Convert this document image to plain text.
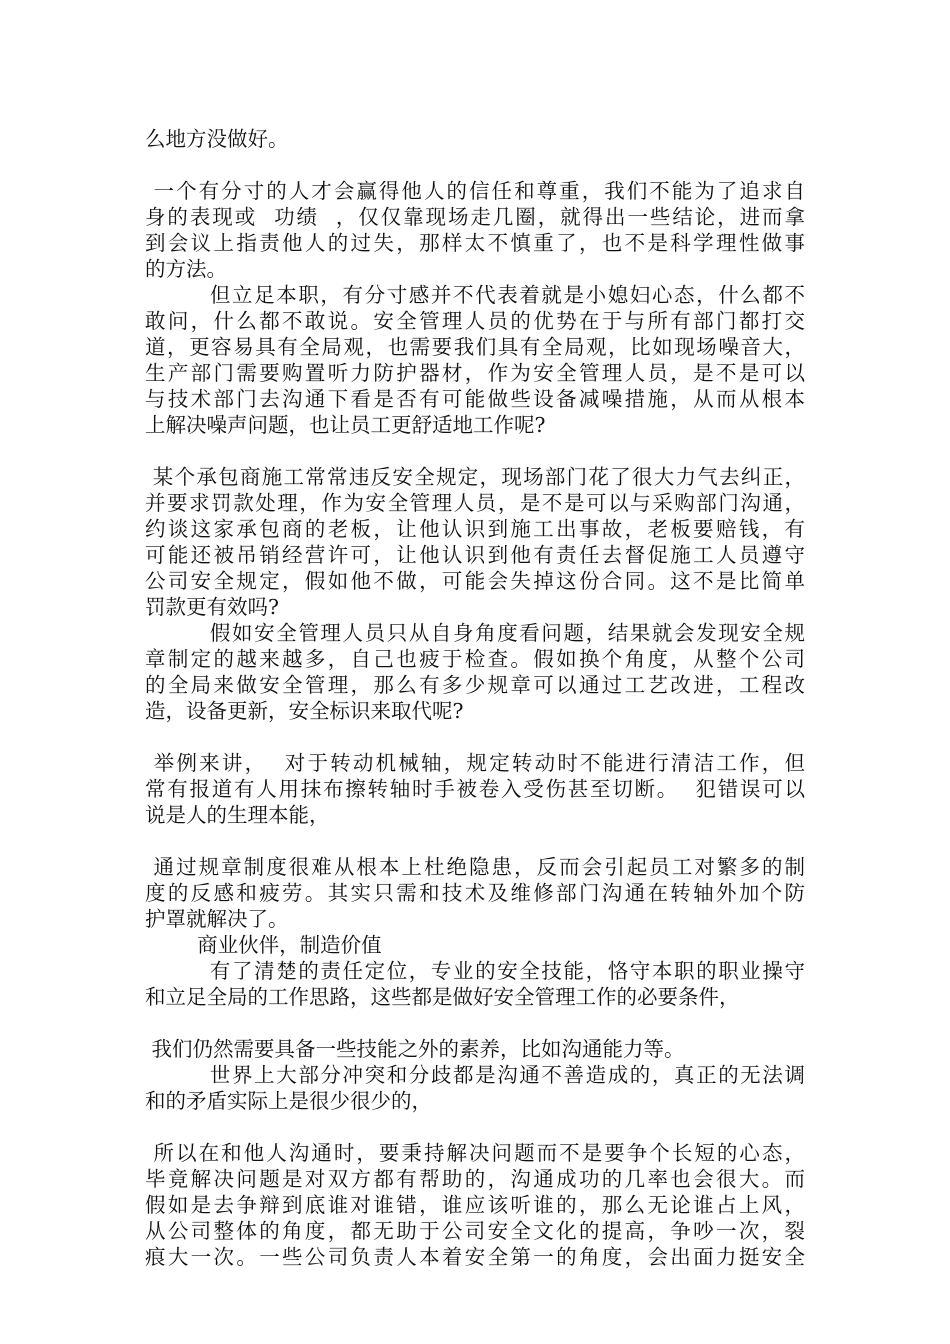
么地方没做好。
一个有分寸的人才会赢得他人的信任和尊重，我们不能为了追求自
身的表现或  功绩  ，仅仅靠现场走几圈，就得出一些结论，进而拿
到会议上指责他人的过失，那样太不慎重了，也不是科学理性做事
的方法。
但立足本职，有分寸感并不代表着就是小媳妇心态，什么都不
敢问，什么都不敢说。安全管理人员的优势在于与所有部门都打交
道，更容易具有全局观，也需要我们具有全局观，比如现场噪音大，
生产部门需要购置听力防护器材，作为安全管理人员，是不是可以
与技术部门去沟通下看是否有可能做些设备减噪措施，从而从根本
上解决噪声问题，也让员工更舒适地工作呢?
某个承包商施工常常违反安全规定，现场部门花了很大力气去纠正，
并要求罚款处理，作为安全管理人员，是不是可以与采购部门沟通，
约谈这家承包商的老板，让他认识到施工出事故，老板要赔钱，有
可能还被吊销经营许可，让他认识到他有责任去督促施工人员遵守
公司安全规定，假如他不做，可能会失掉这份合同。这不是比简单
罚款更有效吗?
假如安全管理人员只从自身角度看问题，结果就会发现安全规
章制定的越来越多，自己也疲于检查。假如换个角度，从整个公司
的全局来做安全管理，那么有多少规章可以通过工艺改进，工程改
造，设备更新，安全标识来取代呢?
举例来讲，  对于转动机械轴，规定转动时不能进行清洁工作，但
常有报道有人用抹布擦转轴时手被卷入受伤甚至切断。  犯错误可以
说是人的生理本能，
通过规章制度很难从根本上杜绝隐患，反而会引起员工对繁多的制
度的反感和疲劳。其实只需和技术及维修部门沟通在转轴外加个防
护罩就解决了。
商业伙伴，制造价值
有了清楚的责任定位，专业的安全技能，恪守本职的职业操守
和立足全局的工作思路，这些都是做好安全管理工作的必要条件，
我们仍然需要具备一些技能之外的素养，比如沟通能力等。
世界上大部分冲突和分歧都是沟通不善造成的，真正的无法调
和的矛盾实际上是很少很少的，
所以在和他人沟通时，要秉持解决问题而不是要争个长短的心态，
毕竟解决问题是对双方都有帮助的，沟通成功的几率也会很大。而
假如是去争辩到底谁对谁错，谁应该听谁的，那么无论谁占上风，
从公司整体的角度，都无助于公司安全文化的提高，争吵一次，裂
痕大一次。一些公司负责人本着安全第一的角度，会出面力挺安全
